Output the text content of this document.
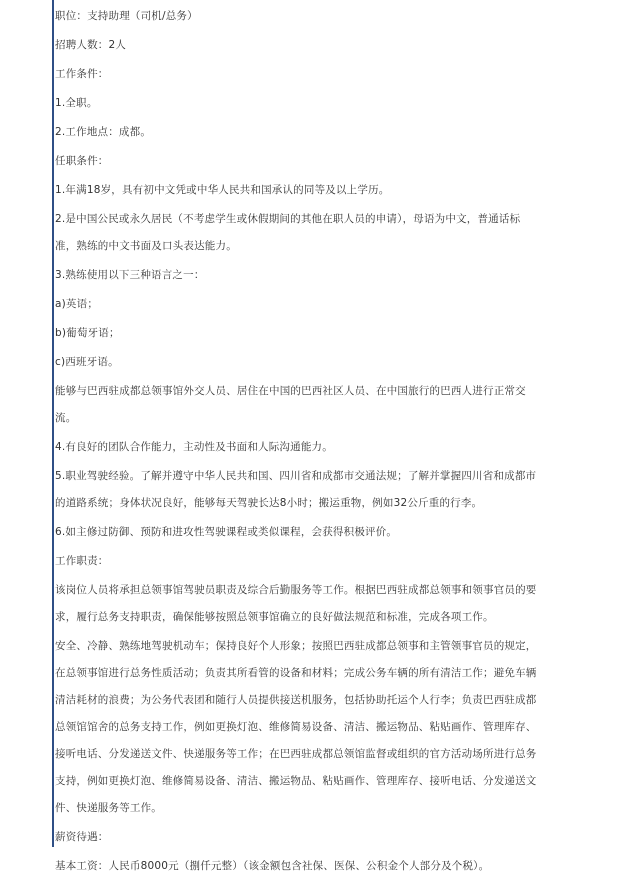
职位：支持助理（司机/总务）
招聘人数：2人
工作条件：
1.全职。
2.工作地点：成都。
任职条件：
1.年满18岁，具有初中文凭或中华人民共和国承认的同等及以上学历。
2.是中国公民或永久居民（不考虑学生或休假期间的其他在职人员的申请），母语为中文，普通话标
准，熟练的中文书面及口头表达能力。
3.熟练使用以下三种语言之一：
a)英语；
b)葡萄牙语；
c)西班牙语。
能够与巴西驻成都总领事馆外交人员、居住在中国的巴西社区人员、在中国旅行的巴西人进行正常交
流。
4.有良好的团队合作能力，主动性及书面和人际沟通能力。
5.职业驾驶经验。了解并遵守中华人民共和国、四川省和成都市交通法规；了解并掌握四川省和成都市
的道路系统；身体状况良好，能够每天驾驶长达8小时；搬运重物，例如32公斤重的行李。
6.如主修过防御、预防和进攻性驾驶课程或类似课程，会获得积极评价。
工作职责：
该岗位人员将承担总领事馆驾驶员职责及综合后勤服务等工作。根据巴西驻成都总领事和领事官员的要
求，履行总务支持职责，确保能够按照总领事馆确立的良好做法规范和标准，完成各项工作。
安全、冷静、熟练地驾驶机动车；保持良好个人形象；按照巴西驻成都总领事和主管领事官员的规定，
在总领事馆进行总务性质活动；负责其所看管的设备和材料；完成公务车辆的所有清洁工作；避免车辆
清洁耗材的浪费；为公务代表团和随行人员提供接送机服务，包括协助托运个人行李；负责巴西驻成都
总领馆馆舍的总务支持工作，例如更换灯泡、维修简易设备、清洁、搬运物品、粘贴画作、管理库存、
接听电话、分发递送文件、快递服务等工作；在巴西驻成都总领馆监督或组织的官方活动场所进行总务
支持，例如更换灯泡、维修简易设备、清洁、搬运物品、粘贴画作、管理库存、接听电话、分发递送文
件、快递服务等工作。
薪资待遇：
基本工资：人民币8000元（捌仟元整）（该金额包含社保、医保、公积金个人部分及个税）。
